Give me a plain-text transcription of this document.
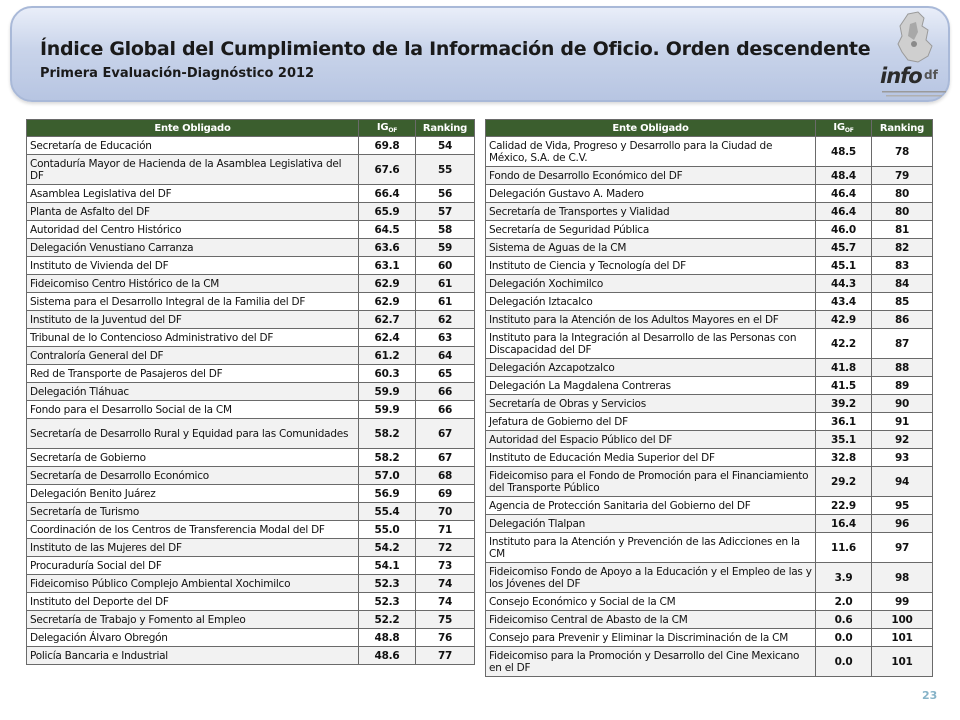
Índice Global del Cumplimiento de la Información de Oficio. Orden descendente
Primera Evaluación-Diagnóstico 2012	info df
Ente Obligado	$IG_{OF}$	Ranking
Secretaría de Educación	69.8	54
Contaduría Mayor de Hacienda de la Asamblea Legislativa del DF	67.6	55
Asamblea Legislativa del DF	66.4	56
Planta de Asfalto del DF	65.9	57
Autoridad del Centro Histórico	64.5	58
Delegación Venustiano Carranza	63.6	59
Instituto de Vivienda del DF	63.1	60
Fideicomiso Centro Histórico de la CM	62.9	61
Sistema para el Desarrollo Integral de la Familia del DF	62.9	61
Instituto de la Juventud del DF	62.7	62
Tribunal de lo Contencioso Administrativo del DF	62.4	63
Contraloría General del DF	61.2	64
Red de Transporte de Pasajeros del DF	60.3	65
Delegación Tláhuac	59.9	66
Fondo para el Desarrollo Social de la CM	59.9	66
Secretaría de Desarrollo Rural y Equidad para las Comunidades	58.2	67
Secretaría de Gobierno	58.2	67
Secretaría de Desarrollo Económico	57.0	68
Delegación Benito Juárez	56.9	69
Secretaría de Turismo	55.4	70
Coordinación de los Centros de Transferencia Modal del DF	55.0	71
Instituto de las Mujeres del DF	54.2	72
Procuraduría Social del DF	54.1	73
Fideicomiso Público Complejo Ambiental Xochimilco	52.3	74
Instituto del Deporte del DF	52.3	74
Secretaría de Trabajo y Fomento al Empleo	52.2	75
Delegación Álvaro Obregón	48.8	76
Policía Bancaria e Industrial	48.6	77
Ente Obligado	$IG_{OF}$	Ranking
Calidad de Vida, Progreso y Desarrollo para la Ciudad de México, S.A. de C.V.	48.5	78
Fondo de Desarrollo Económico del DF	48.4	79
Delegación Gustavo A. Madero	46.4	80
Secretaría de Transportes y Vialidad	46.4	80
Secretaría de Seguridad Pública	46.0	81
Sistema de Aguas de la CM	45.7	82
Instituto de Ciencia y Tecnología del DF	45.1	83
Delegación Xochimilco	44.3	84
Delegación Iztacalco	43.4	85
Instituto para la Atención de los Adultos Mayores en el DF	42.9	86
Instituto para la Integración al Desarrollo de las Personas con Discapacidad del DF	42.2	87
Delegación Azcapotzalco	41.8	88
Delegación La Magdalena Contreras	41.5	89
Secretaría de Obras y Servicios	39.2	90
Jefatura de Gobierno del DF	36.1	91
Autoridad del Espacio Público del DF	35.1	92
Instituto de Educación Media Superior del DF	32.8	93
Fideicomiso para el Fondo de Promoción para el Financiamiento del Transporte Público	29.2	94
Agencia de Protección Sanitaria del Gobierno del DF	22.9	95
Delegación Tlalpan	16.4	96
Instituto para la Atención y Prevención de las Adicciones en la CM	11.6	97
Fideicomiso Fondo de Apoyo a la Educación y el Empleo de las y los Jóvenes del DF	3.9	98
Consejo Económico y Social de la CM	2.0	99
Fideicomiso Central de Abasto de la CM	0.6	100
Consejo para Prevenir y Eliminar la Discriminación de la CM	0.0	101
Fideicomiso para la Promoción y Desarrollo del Cine Mexicano en el DF	0.0	101
23
